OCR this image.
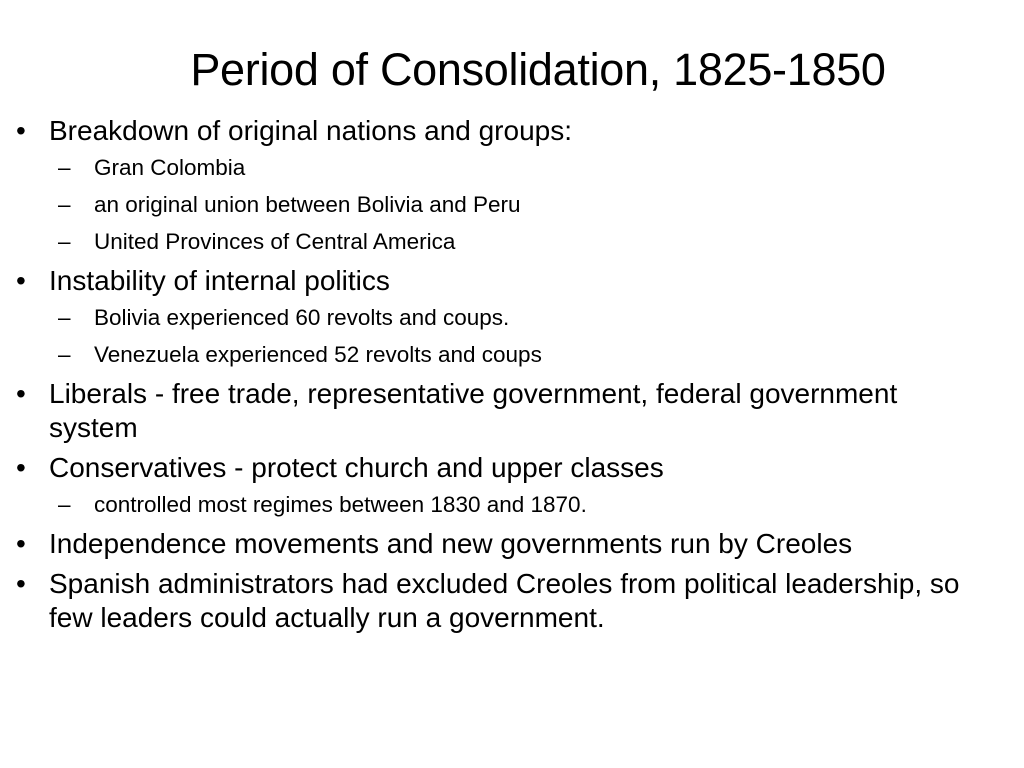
Period of Consolidation, 1825-1850
• Breakdown of original nations and groups:
– Gran Colombia
– an original union between Bolivia and Peru
– United Provinces of Central America
• Instability of internal politics
– Bolivia experienced 60 revolts and coups.
– Venezuela experienced 52 revolts and coups
• Liberals - free trade, representative government, federal government system
• Conservatives - protect church and upper classes
– controlled most regimes between 1830 and 1870.
• Independence movements and new governments run by Creoles
• Spanish administrators had excluded Creoles from political leadership, so few leaders could actually run a government.
